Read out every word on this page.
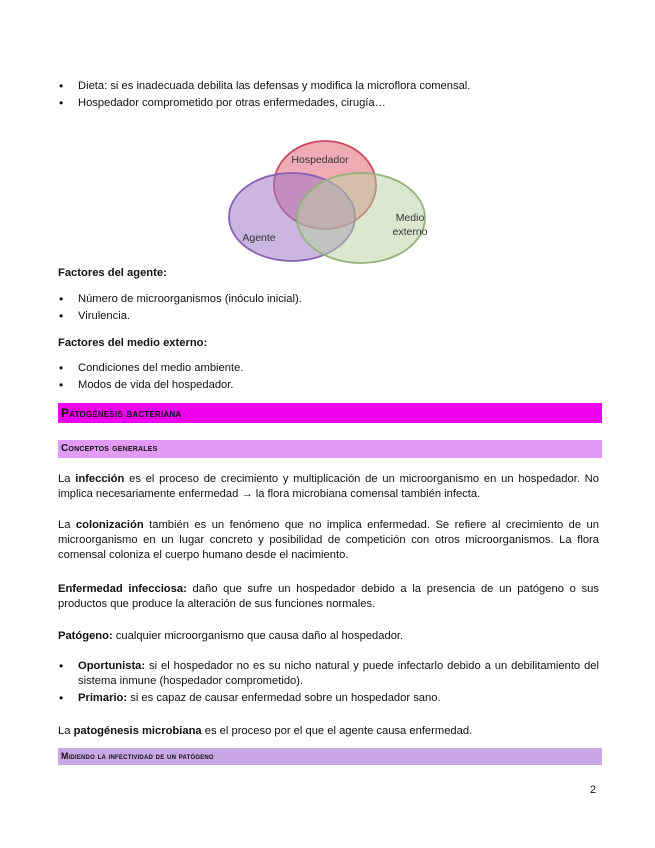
• Dieta: si es inadecuada debilita las defensas y modifica la microflora comensal.
• Hospedador comprometido por otras enfermedades, cirugía…
Hospedador
Agente
Medio
externo

Factores del agente:

• Número de microorganismos (inóculo inicial).
• Virulencia.

Factores del medio externo:

• Condiciones del medio ambiente.
• Modos de vida del hospedador.
Patogénesis bacteriana
Conceptos generales

La infección es el proceso de crecimiento y multiplicación de un microorganismo en un hospedador. No implica necesariamente enfermedad → la flora microbiana comensal también infecta.

La colonización también es un fenómeno que no implica enfermedad. Se refiere al crecimiento de un microorganismo en un lugar concreto y posibilidad de competición con otros microorganismos. La flora comensal coloniza el cuerpo humano desde el nacimiento.

Enfermedad infecciosa: daño que sufre un hospedador debido a la presencia de un patógeno o sus productos que produce la alteración de sus funciones normales.

Patógeno: cualquier microorganismo que causa daño al hospedador.

• Oportunista: si el hospedador no es su nicho natural y puede infectarlo debido a un debilitamiento del sistema inmune (hospedador comprometido).
• Primario: si es capaz de causar enfermedad sobre un hospedador sano.

La patogénesis microbiana es el proceso por el que el agente causa enfermedad.

Midiendo la infectividad de un patógeno
2
